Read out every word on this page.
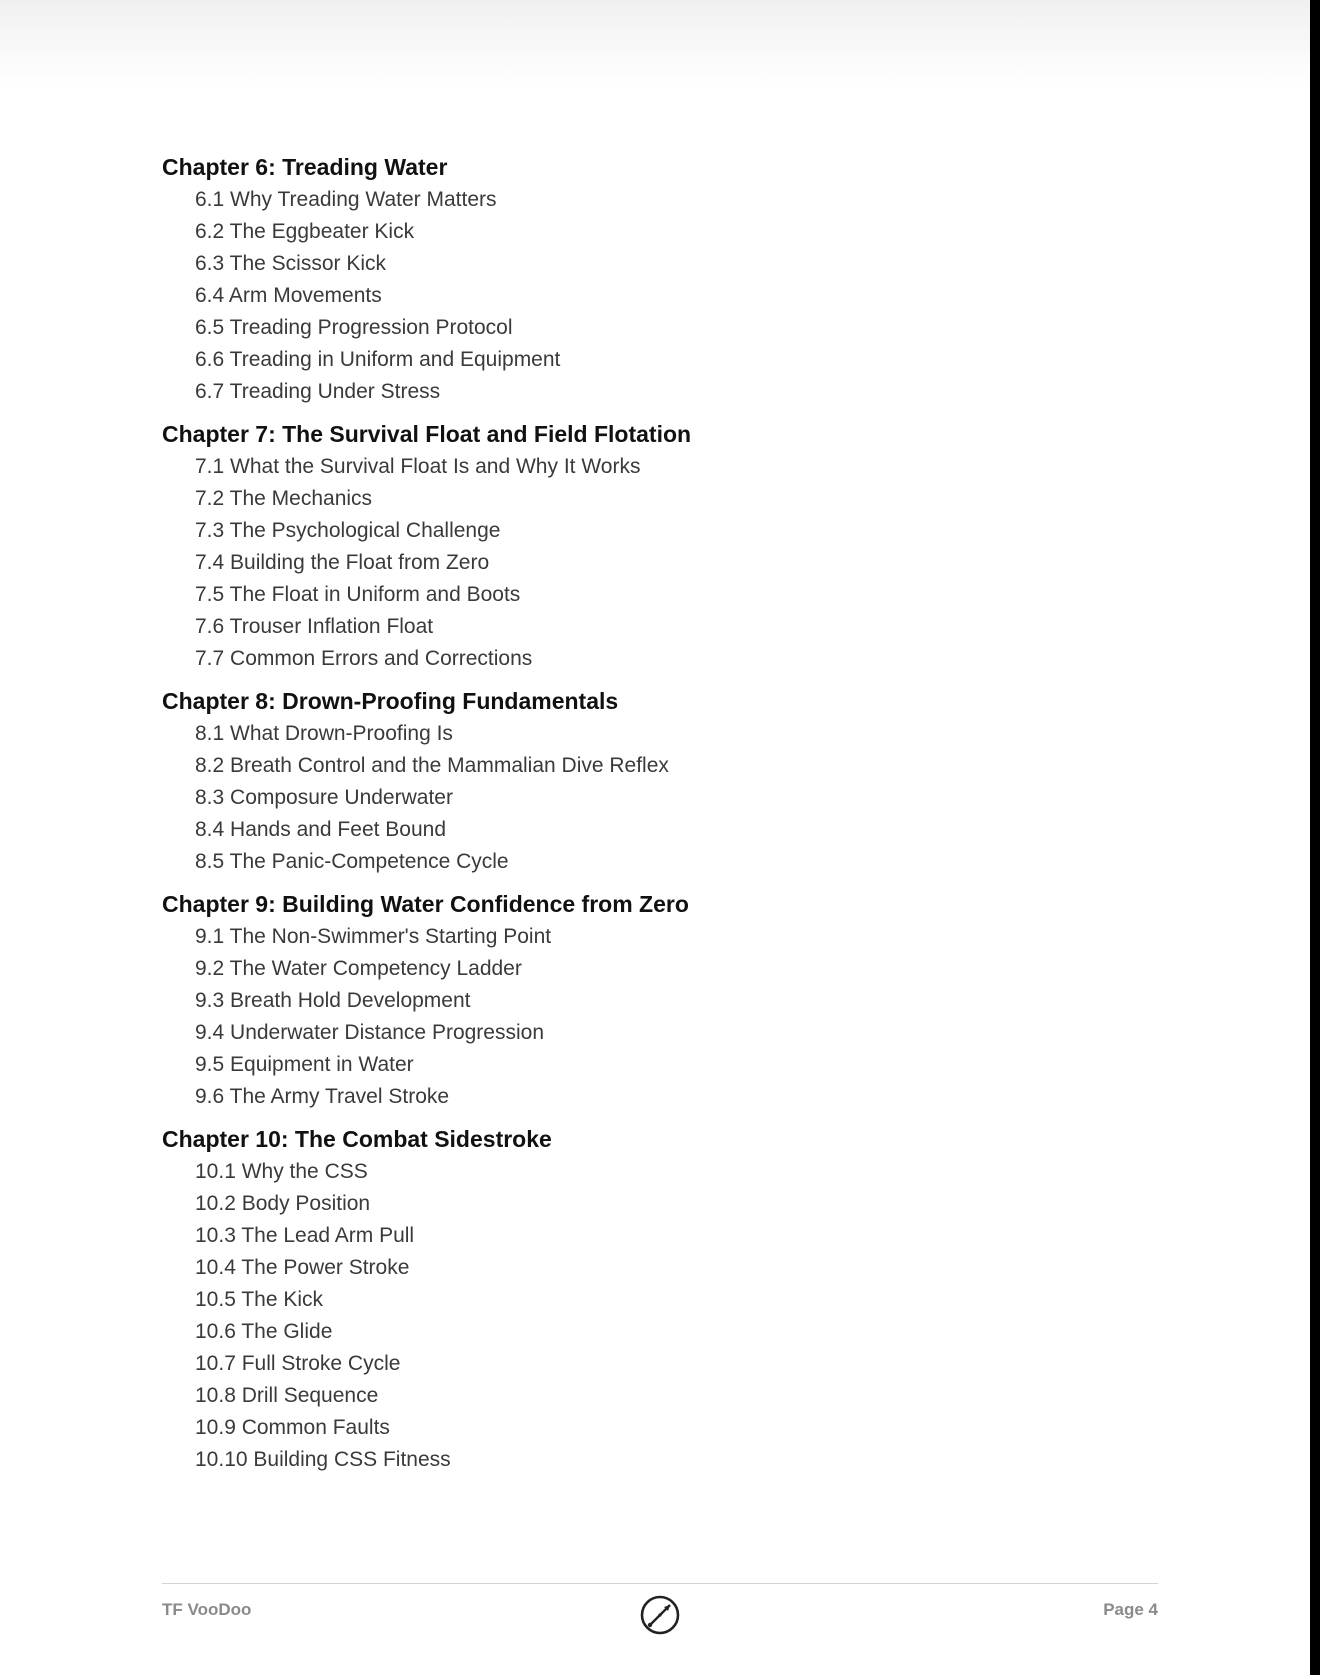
Chapter 6: Treading Water
6.1 Why Treading Water Matters
6.2 The Eggbeater Kick
6.3 The Scissor Kick
6.4 Arm Movements
6.5 Treading Progression Protocol
6.6 Treading in Uniform and Equipment
6.7 Treading Under Stress
Chapter 7: The Survival Float and Field Flotation
7.1 What the Survival Float Is and Why It Works
7.2 The Mechanics
7.3 The Psychological Challenge
7.4 Building the Float from Zero
7.5 The Float in Uniform and Boots
7.6 Trouser Inflation Float
7.7 Common Errors and Corrections
Chapter 8: Drown-Proofing Fundamentals
8.1 What Drown-Proofing Is
8.2 Breath Control and the Mammalian Dive Reflex
8.3 Composure Underwater
8.4 Hands and Feet Bound
8.5 The Panic-Competence Cycle
Chapter 9: Building Water Confidence from Zero
9.1 The Non-Swimmer's Starting Point
9.2 The Water Competency Ladder
9.3 Breath Hold Development
9.4 Underwater Distance Progression
9.5 Equipment in Water
9.6 The Army Travel Stroke
Chapter 10: The Combat Sidestroke
10.1 Why the CSS
10.2 Body Position
10.3 The Lead Arm Pull
10.4 The Power Stroke
10.5 The Kick
10.6 The Glide
10.7 Full Stroke Cycle
10.8 Drill Sequence
10.9 Common Faults
10.10 Building CSS Fitness
TF VooDoo	Page 4
